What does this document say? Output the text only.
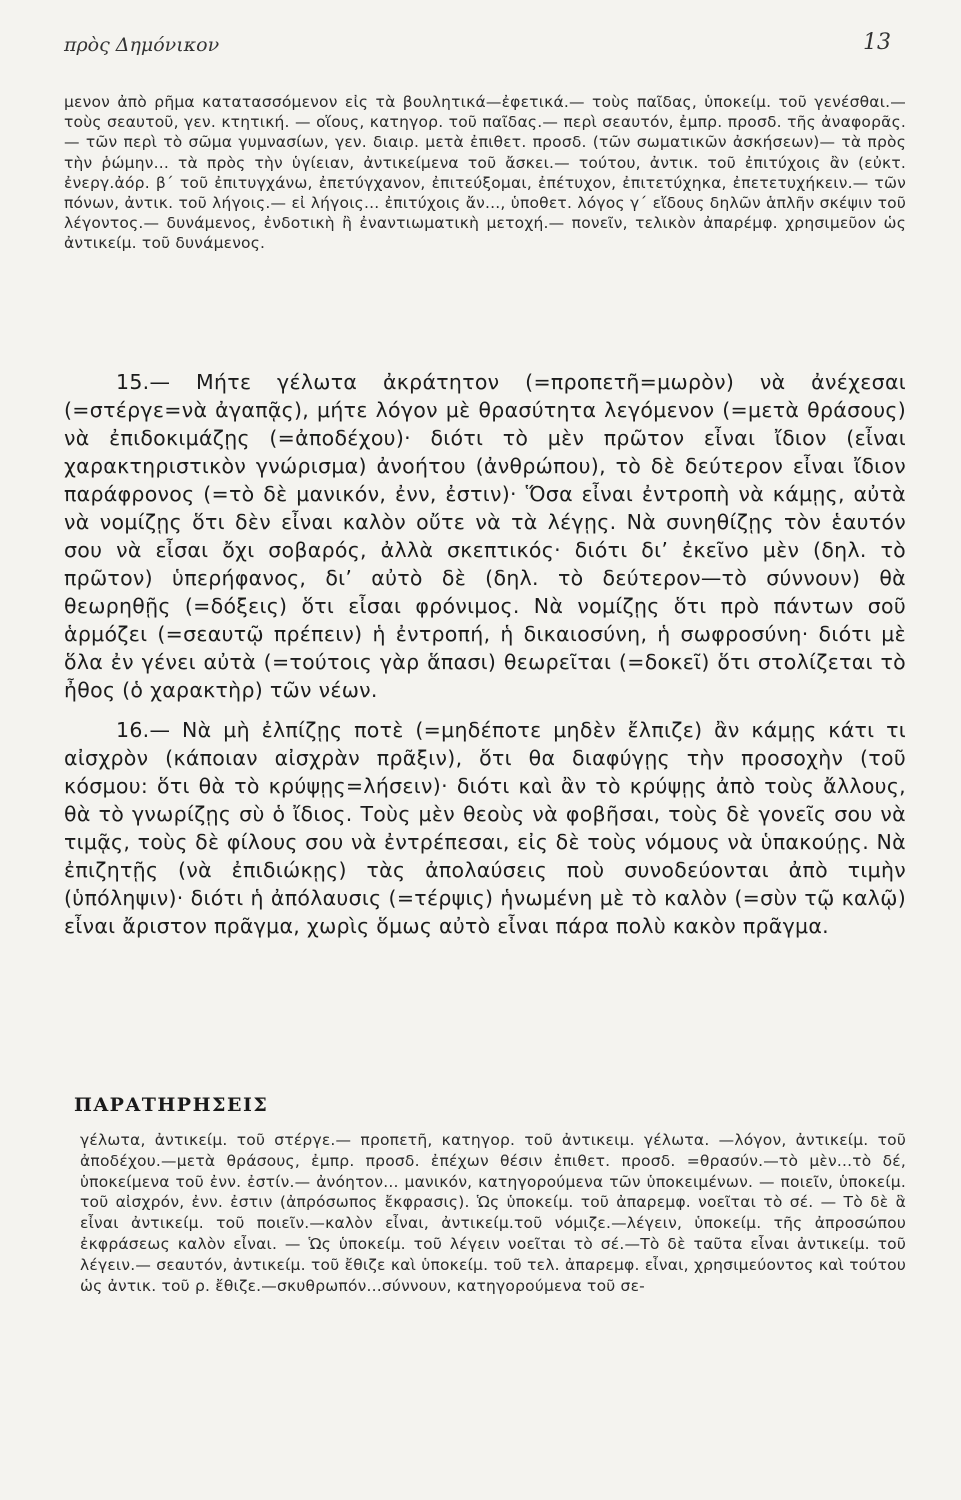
πρὸς Δημόνικον	13

μενον ἀπὸ ρῆμα κατατασσόμενον εἰς τὰ βουλητικά—ἐφετικά.— τοὺς παῖδας, ὑποκείμ. τοῦ γενέσθαι.— τοὺς σεαυτοῦ, γεν. κτητική. — οἵους, κατηγορ. τοῦ παῖδας.— περὶ σεαυτόν, ἐμπρ. προσδ. τῆς ἀναφορᾶς.— τῶν περὶ τὸ σῶμα γυμνασίων, γεν. διαιρ. μετὰ ἐπιθετ. προσδ. (τῶν σωματικῶν ἀσκήσεων)— τὰ πρὸς τὴν ῥώμην... τὰ πρὸς τὴν ὑγίειαν, ἀντικείμενα τοῦ ἄσκει.— τούτου, ἀντικ. τοῦ ἐπιτύχοις ἂν (εὐκτ. ἐνεργ.ἀόρ. β΄ τοῦ ἐπιτυγχάνω, ἐπετύγχανον, ἐπιτεύξομαι, ἐπέτυχον, ἐπιτετύχηκα, ἐπετετυχήκειν.— τῶν πόνων, ἀντικ. τοῦ λήγοις.— εἰ λήγοις... ἐπιτύχοις ἄν..., ὑποθετ. λόγος γ΄ εἴδους δηλῶν ἁπλῆν σκέψιν τοῦ λέγοντος.— δυνάμενος, ἐνδοτικὴ ἢ ἐναντιωματικὴ μετοχή.— πονεῖν, τελικὸν ἀπαρέμφ. χρησιμεῦον ὡς ἀντικείμ. τοῦ δυνάμενος.

15.— Μήτε γέλωτα ἀκράτητον (=προπετῆ=μωρὸν) νὰ ἀνέχεσαι (=στέργε=νὰ ἀγαπᾷς), μήτε λόγον μὲ θρασύτητα λεγόμενον (=μετὰ θράσους) νὰ ἐπιδοκιμάζῃς (=ἀποδέχου)· διότι τὸ μὲν πρῶτον εἶναι ἴδιον (εἶναι χαρακτηριστικὸν γνώρισμα) ἀνοήτου (ἀνθρώπου), τὸ δὲ δεύτερον εἶναι ἴδιον παράφρονος (=τὸ δὲ μανικόν, ἐνν, ἐστιν)· Ὅσα εἶναι ἐντροπὴ νὰ κάμῃς, αὐτὰ νὰ νομίζῃς ὅτι δὲν εἶναι καλὸν οὔτε νὰ τὰ λέγῃς. Νὰ συνηθίζῃς τὸν ἑαυτόν σου νὰ εἶσαι ὄχι σοβαρός, ἀλλὰ σκεπτικός· διότι δι’ ἐκεῖνο μὲν (δηλ. τὸ πρῶτον) ὑπερήφανος, δι’ αὐτὸ δὲ (δηλ. τὸ δεύτερον—τὸ σύννουν) θὰ θεωρηθῇς (=δόξεις) ὅτι εἶσαι φρόνιμος. Νὰ νομίζῃς ὅτι πρὸ πάντων σοῦ ἁρμόζει (=σεαυτῷ πρέπειν) ἡ ἐντροπή, ἡ δικαιοσύνη, ἡ σωφροσύνη· διότι μὲ ὅλα ἐν γένει αὐτὰ (=τούτοις γὰρ ἅπασι) θεωρεῖται (=δοκεῖ) ὅτι στολίζεται τὸ ἦθος (ὁ χαρακτὴρ) τῶν νέων.

16.— Νὰ μὴ ἐλπίζῃς ποτὲ (=μηδέποτε μηδὲν ἔλπιζε) ἂν κάμῃς κάτι τι αἰσχρὸν (κάποιαν αἰσχρὰν πρᾶξιν), ὅτι θα διαφύγῃς τὴν προσοχὴν (τοῦ κόσμου: ὅτι θὰ τὸ κρύψῃς=λήσειν)· διότι καὶ ἂν τὸ κρύψῃς ἀπὸ τοὺς ἄλλους, θὰ τὸ γνωρίζῃς σὺ ὁ ἴδιος. Τοὺς μὲν θεοὺς νὰ φοβῆσαι, τοὺς δὲ γονεῖς σου νὰ τιμᾷς, τοὺς δὲ φίλους σου νὰ ἐντρέπεσαι, εἰς δὲ τοὺς νόμους νὰ ὑπακούῃς. Νὰ ἐπιζητῇς (νὰ ἐπιδιώκῃς) τὰς ἀπολαύσεις ποὺ συνοδεύονται ἀπὸ τιμὴν (ὑπόληψιν)· διότι ἡ ἀπόλαυσις (=τέρψις) ἡνωμένη μὲ τὸ καλὸν (=σὺν τῷ καλῷ) εἶναι ἄριστον πρᾶγμα, χωρὶς ὅμως αὐτὸ εἶναι πάρα πολὺ κακὸν πρᾶγμα.

ΠΑΡΑΤΗΡΗΣΕΙΣ

γέλωτα, ἀντικείμ. τοῦ στέργε.— προπετῆ, κατηγορ. τοῦ ἀντικειμ. γέλωτα. —λόγον, ἀντικείμ. τοῦ ἀποδέχου.—μετὰ θράσους, ἐμπρ. προσδ. ἐπέχων θέσιν ἐπιθετ. προσδ. =θρασύν.—τὸ μὲν...τὸ δέ, ὑποκείμενα τοῦ ἐνν. ἐστίν.— ἀνόητον... μανικόν, κατηγορούμενα τῶν ὑποκειμένων. — ποιεῖν, ὑποκείμ. τοῦ αἰσχρόν, ἐνν. ἐστιν (ἀπρόσωπος ἔκφρασις). Ὡς ὑποκείμ. τοῦ ἀπαρεμφ. νοεῖται τὸ σέ. — Τὸ δὲ ἃ εἶναι ἀντικείμ. τοῦ ποιεῖν.—καλὸν εἶναι, ἀντικείμ.τοῦ νόμιζε.—λέγειν, ὑποκείμ. τῆς ἀπροσώπου ἐκφράσεως καλὸν εἶναι. — Ὡς ὑποκείμ. τοῦ λέγειν νοεῖται τὸ σέ.—Τὸ δὲ ταῦτα εἶναι ἀντικείμ. τοῦ λέγειν.— σεαυτόν, ἀντικείμ. τοῦ ἔθιζε καὶ ὑποκείμ. τοῦ τελ. ἀπαρεμφ. εἶναι, χρησιμεύοντος καὶ τούτου ὡς ἀντικ. τοῦ ρ. ἔθιζε.—σκυθρωπόν...σύννουν, κατηγορούμενα τοῦ σε-
